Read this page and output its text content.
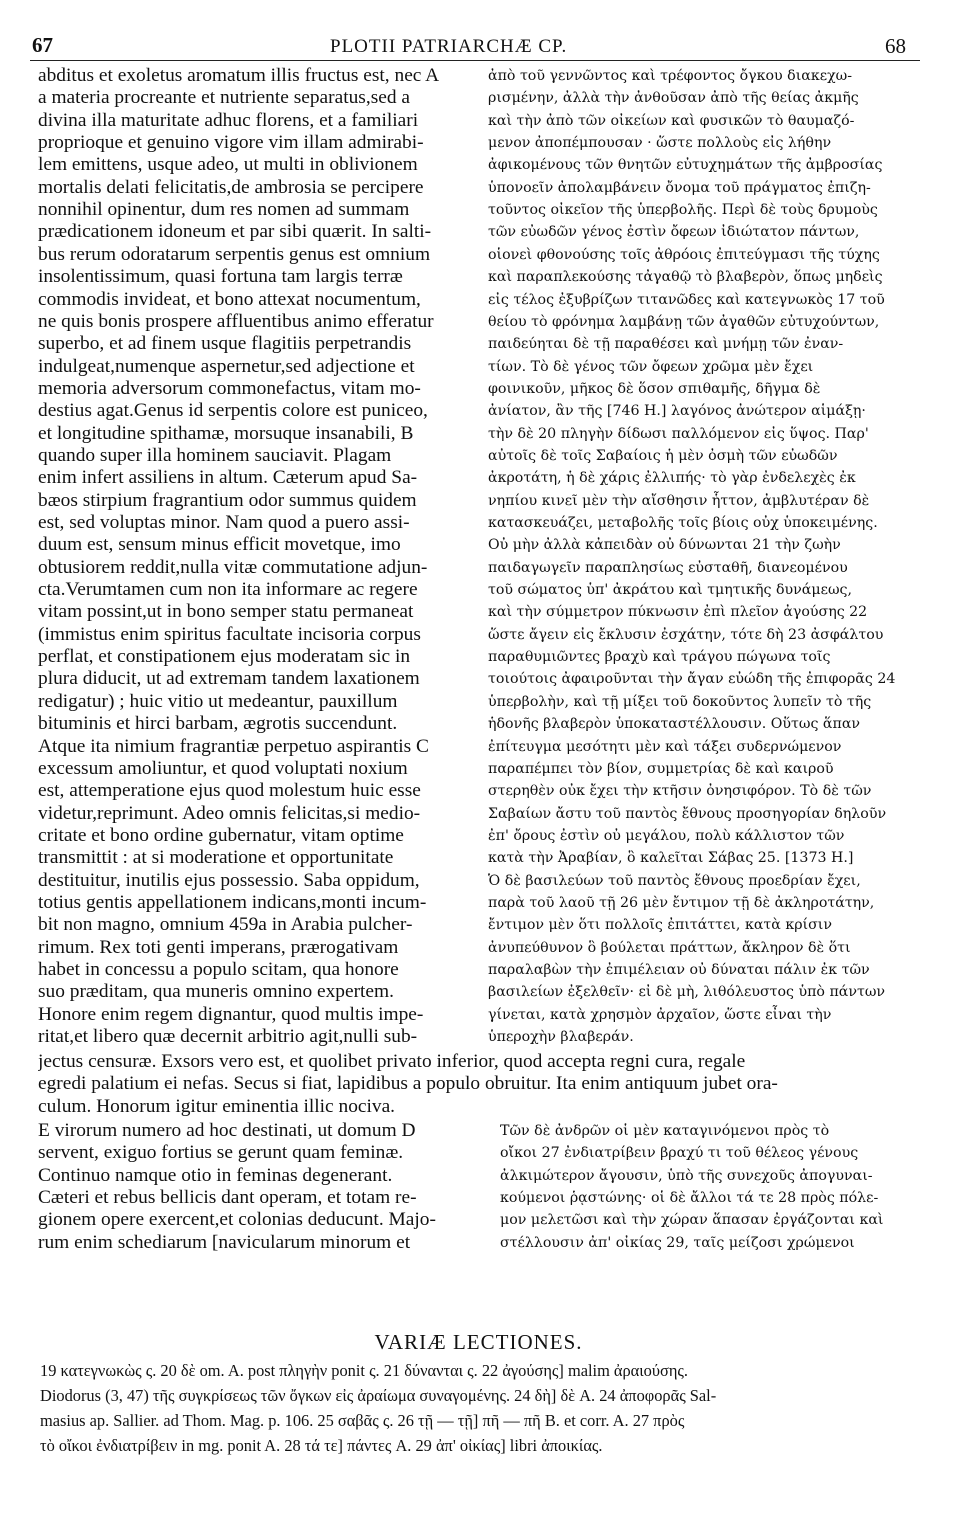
67	PLOTII PATRIARCHÆ CP.	68
abditus et exoletus aromatum illis fructus est, nec A
a materia procreante et nutriente separatus,sed a
divina illa maturitate adhuc florens, et a familiari
proprioque et genuino vigore vim illam admirabi-
lem emittens, usque adeo, ut multi in oblivionem
mortalis delati felicitatis,de ambrosia se percipere
nonnihil opinentur, dum res nomen ad summam
prædicationem idoneum et par sibi quærit. In salti-
bus rerum odoratarum serpentis genus est omnium
insolentissimum, quasi fortuna tam largis terræ
commodis invideat, et bono attexat nocumentum,
ne quis bonis prospere affluentibus animo efferatur
superbo, et ad finem usque flagitiis perpetrandis
indulgeat,numenque aspernetur,sed adjectione et
memoria adversorum commonefactus, vitam mo-
destius agat.Genus id serpentis colore est puniceo,
et longitudine spithamæ, morsuque insanabili, B
quando super illa hominem sauciavit. Plagam
enim infert assiliens in altum. Cæterum apud Sa-
bæos stirpium fragrantium odor summus quidem
est, sed voluptas minor. Nam quod a puero assi-
duum est, sensum minus efficit movetque, imo
obtusiorem reddit,nulla vitæ commutatione adjun-
cta.Verumtamen cum non ita informare ac regere
vitam possint,ut in bono semper statu permaneat
(immistus enim spiritus facultate incisoria corpus
perflat, et constipationem ejus moderatam sic in
plura diducit, ut ad extremam tandem laxationem
redigatur) ; huic vitio ut medeantur, pauxillum
bituminis et hirci barbam, ægrotis succendunt.
Atque ita nimium fragrantiæ perpetuo aspirantis C
excessum amoliuntur, et quod voluptati noxium
est, attemperatione ejus quod molestum huic esse
videtur,reprimunt. Adeo omnis felicitas,si medio-
critate et bono ordine gubernatur, vitam optime
transmittit : at si moderatione et opportunitate
destituitur, inutilis ejus possessio. Saba oppidum,
totius gentis appellationem indicans,monti incum-
bit non magno, omnium 459a in Arabia pulcher-
rimum. Rex toti genti imperans, prærogativam
habet in concessu a populo scitam, qua honore
suo præditam, qua muneris omnino expertem.
Honore enim regem dignantur, quod multis impe-
ritat,et libero quæ decernit arbitrio agit,nulli sub-
ἀπὸ τοῦ γεννῶντος καὶ τρέφοντος ὄγκου διακεχω-
ρισμένην, ἀλλὰ τὴν ἀνθοῦσαν ἀπὸ τῆς θείας ἀκμῆς
καὶ τὴν ἀπὸ τῶν οἰκείων καὶ φυσικῶν τὸ θαυμαζό-
μενον ἀποπέμπουσαν · ὥστε πολλοὺς εἰς λήθην
ἀφικομένους τῶν θνητῶν εὐτυχημάτων τῆς ἀμβροσίας
ὑπονοεῖν ἀπολαμβάνειν ὄνομα τοῦ πράγματος ἐπιζη-
τοῦντος οἰκεῖον τῆς ὑπερβολῆς. Περὶ δὲ τοὺς δρυμοὺς
τῶν εὐωδῶν γένος ἐστὶν ὄφεων ἰδιώτατον πάντων,
οἱονεὶ φθονούσης τοῖς ἀθρόοις ἐπιτεύγμασι τῆς τύχης
καὶ παραπλεκούσης τἀγαθῷ τὸ βλαβερὸν, ὅπως μηδεὶς
εἰς τέλος ἐξυβρίζων τιτανῶδες καὶ κατεγνωκὸς 17 τοῦ
θείου τὸ φρόνημα λαμβάνῃ τῶν ἀγαθῶν εὐτυχούντων,
παιδεύηται δὲ τῇ παραθέσει καὶ μνήμῃ τῶν ἐναν-
τίων. Τὸ δὲ γένος τῶν ὄφεων χρῶμα μὲν ἔχει
φοινικοῦν, μῆκος δὲ ὅσον σπιθαμῆς, δῆγμα δὲ
ἀνίατον, ἂν τῆς [746 H.] λαγόνος ἀνώτερον αἱμάξῃ·
τὴν δὲ 20 πληγὴν δίδωσι παλλόμενον εἰς ὕψος. Παρ'
αὐτοῖς δὲ τοῖς Σαβαίοις ἡ μὲν ὀσμὴ τῶν εὐωδῶν
ἀκροτάτη, ἡ δὲ χάρις ἐλλιπής· τὸ γὰρ ἐνδελεχὲς ἐκ
νηπίου κινεῖ μὲν τὴν αἴσθησιν ἧττον, ἀμβλυτέραν δὲ
κατασκευάζει, μεταβολῆς τοῖς βίοις οὐχ ὑποκειμένης.
Οὐ μὴν ἀλλὰ κἀπειδὰν οὐ δύνωνται 21 τὴν ζωὴν
παιδαγωγεῖν παραπλησίως εὐσταθῆ, διανεομένου
τοῦ σώματος ὑπ' ἀκράτου καὶ τμητικῆς δυνάμεως,
καὶ τὴν σύμμετρον πύκνωσιν ἐπὶ πλεῖον ἀγούσης 22
ὥστε ἄγειν εἰς ἔκλυσιν ἐσχάτην, τότε δὴ 23 ἀσφάλτου
παραθυμιῶντες βραχὺ καὶ τράγου πώγωνα τοῖς
τοιούτοις ἀφαιροῦνται τὴν ἄγαν εὐώδη τῆς ἐπιφορᾶς 24
ὑπερβολὴν, καὶ τῇ μίξει τοῦ δοκοῦντος λυπεῖν τὸ τῆς
ἡδονῆς βλαβερὸν ὑποκαταστέλλουσιν. Οὕτως ἅπαν
ἐπίτευγμα μεσότητι μὲν καὶ τάξει συδερνώμενον
παραπέμπει τὸν βίον, συμμετρίας δὲ καὶ καιροῦ
στερηθὲν οὐκ ἔχει τὴν κτῆσιν ὀνησιφόρον. Τὸ δὲ τῶν
Σαβαίων ἄστυ τοῦ παντὸς ἔθνους προσηγορίαν δηλοῦν
ἐπ' ὄρους ἐστὶν οὐ μεγάλου, πολὺ κάλλιστον τῶν
κατὰ τὴν Ἀραβίαν, ὃ καλεῖται Σάβας 25. [1373 H.]
Ὁ δὲ βασιλεύων τοῦ παντὸς ἔθνους προεδρίαν ἔχει,
παρὰ τοῦ λαοῦ τῇ 26 μὲν ἔντιμον τῇ δὲ ἀκληροτάτην,
ἔντιμον μὲν ὅτι πολλοῖς ἐπιτάττει, κατὰ κρίσιν
ἀνυπεύθυνον ὃ βούλεται πράττων, ἄκληρον δὲ ὅτι
παραλαβὼν τὴν ἐπιμέλειαν οὐ δύναται πάλιν ἐκ τῶν
βασιλείων ἐξελθεῖν· εἰ δὲ μὴ, λιθόλευστος ὑπὸ πάντων
γίνεται, κατὰ χρησμὸν ἀρχαῖον, ὥστε εἶναι τὴν
ὑπεροχὴν βλαβεράν.
jectus censuræ. Exsors vero est, et quolibet privato inferior, quod accepta regni cura, regale
egredi palatium ei nefas. Secus si fiat, lapidibus a populo obruitur. Ita enim antiquum jubet ora-
culum. Honorum igitur eminentia illic nociva.
E virorum numero ad hoc destinati, ut domum D
servent, exiguo fortius se gerunt quam feminæ.
Continuo namque otio in feminas degenerant.
Cæteri et rebus bellicis dant operam, et totam re-
gionem opere exercent,et colonias deducunt. Majo-
rum enim schediarum [navicularum minorum et
Τῶν δὲ ἀνδρῶν οἱ μὲν καταγινόμενοι πρὸς τὸ
οἴκοι 27 ἐνδιατρίβειν βραχύ τι τοῦ θέλεος γένους
ἀλκιμώτερον ἄγουσιν, ὑπὸ τῆς συνεχοῦς ἀπογυναι-
κούμενοι ῥᾳστώνης· οἱ δὲ ἄλλοι τά τε 28 πρὸς πόλε-
μον μελετῶσι καὶ τὴν χώραν ἅπασαν ἐργάζονται καὶ
στέλλουσιν ἀπ' οἰκίας 29, ταῖς μείζοσι χρώμενοι
VARIÆ LECTIONES.
19 κατεγνωκὼς ς. 20 δὲ om. A. post πληγὴν ponit ς. 21 δύνανται ς. 22 ἀγούσης] malim ἀραιούσης.
Diodorus (3, 47) τῆς συγκρίσεως τῶν ὄγκων εἰς ἀραίωμα συναγομένης. 24 δὴ] δὲ A. 24 ἀποφορᾶς Sal-
masius ap. Sallier. ad Thom. Mag. p. 106. 25 σαβᾶς ς. 26 τῇ — τῇ] πῆ — πῆ B. et corr. A. 27 πρὸς
τὸ οἴκοι ἐνδιατρίβειν in mg. ponit A. 28 τά τε] πάντες A. 29 ἀπ' οἰκίας] libri ἀποικίας.
